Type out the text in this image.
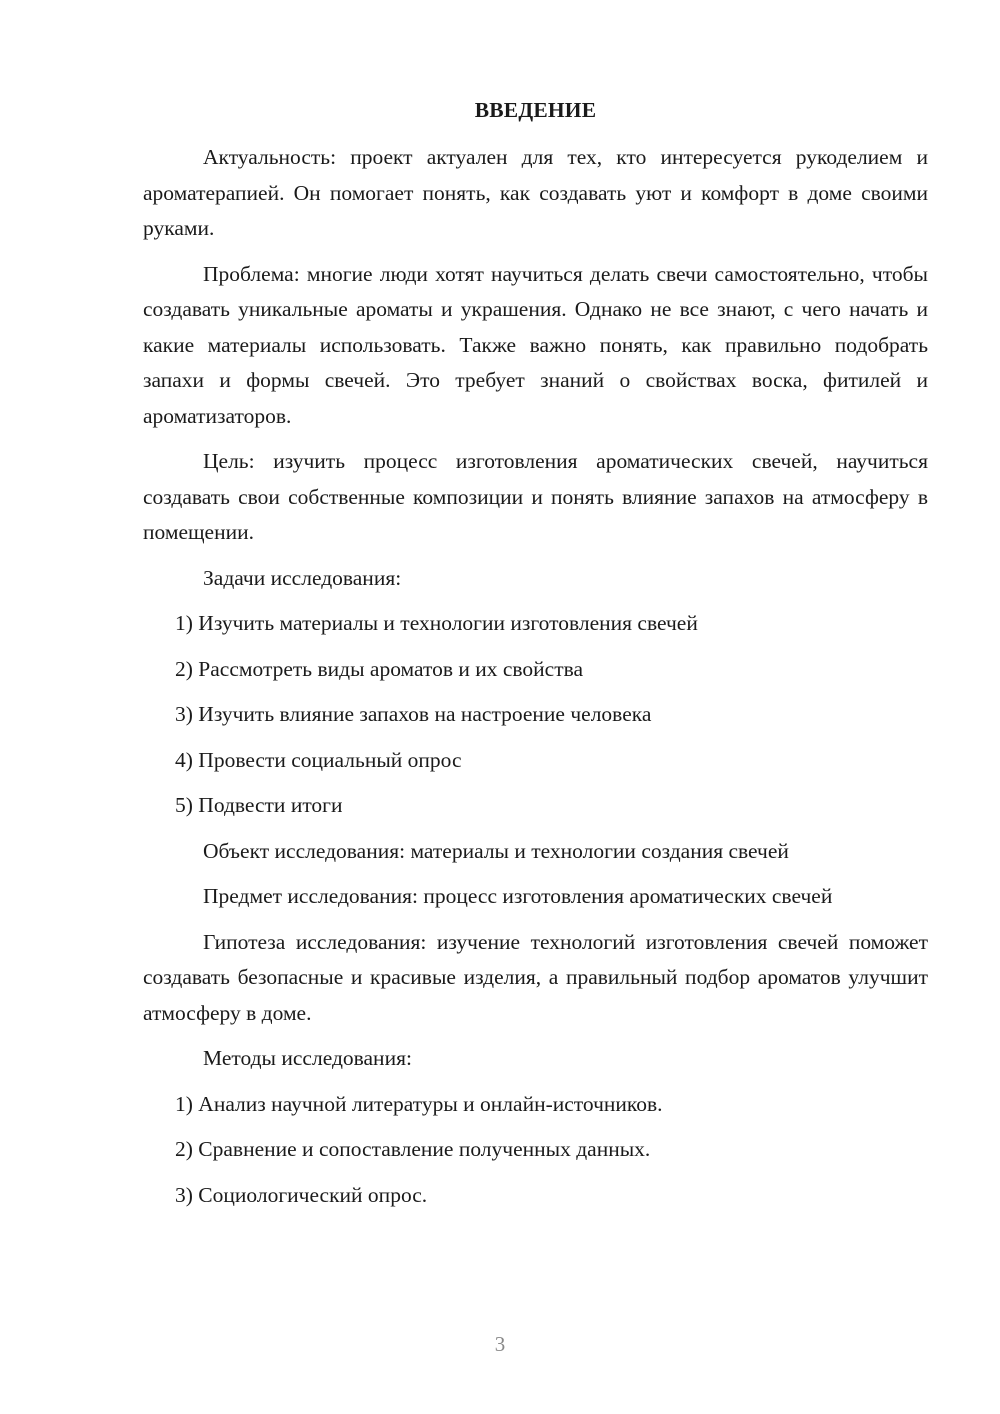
ВВЕДЕНИЕ

Актуальность: проект актуален для тех, кто интересуется рукоделием и ароматерапией. Он помогает понять, как создавать уют и комфорт в доме своими руками.

Проблема: многие люди хотят научиться делать свечи самостоятельно, чтобы создавать уникальные ароматы и украшения. Однако не все знают, с чего начать и какие материалы использовать. Также важно понять, как правильно подобрать запахи и формы свечей. Это требует знаний о свойствах воска, фитилей и ароматизаторов.

Цель: изучить процесс изготовления ароматических свечей, научиться создавать свои собственные композиции и понять влияние запахов на атмосферу в помещении.

Задачи исследования:

1) Изучить материалы и технологии изготовления свечей
2) Рассмотреть виды ароматов и их свойства
3) Изучить влияние запахов на настроение человека
4) Провести социальный опрос
5) Подвести итоги

Объект исследования: материалы и технологии создания свечей

Предмет исследования: процесс изготовления ароматических свечей

Гипотеза исследования: изучение технологий изготовления свечей поможет создавать безопасные и красивые изделия, а правильный подбор ароматов улучшит атмосферу в доме.

Методы исследования:

1) Анализ научной литературы и онлайн-источников.
2) Сравнение и сопоставление полученных данных.
3) Социологический опрос.
3
